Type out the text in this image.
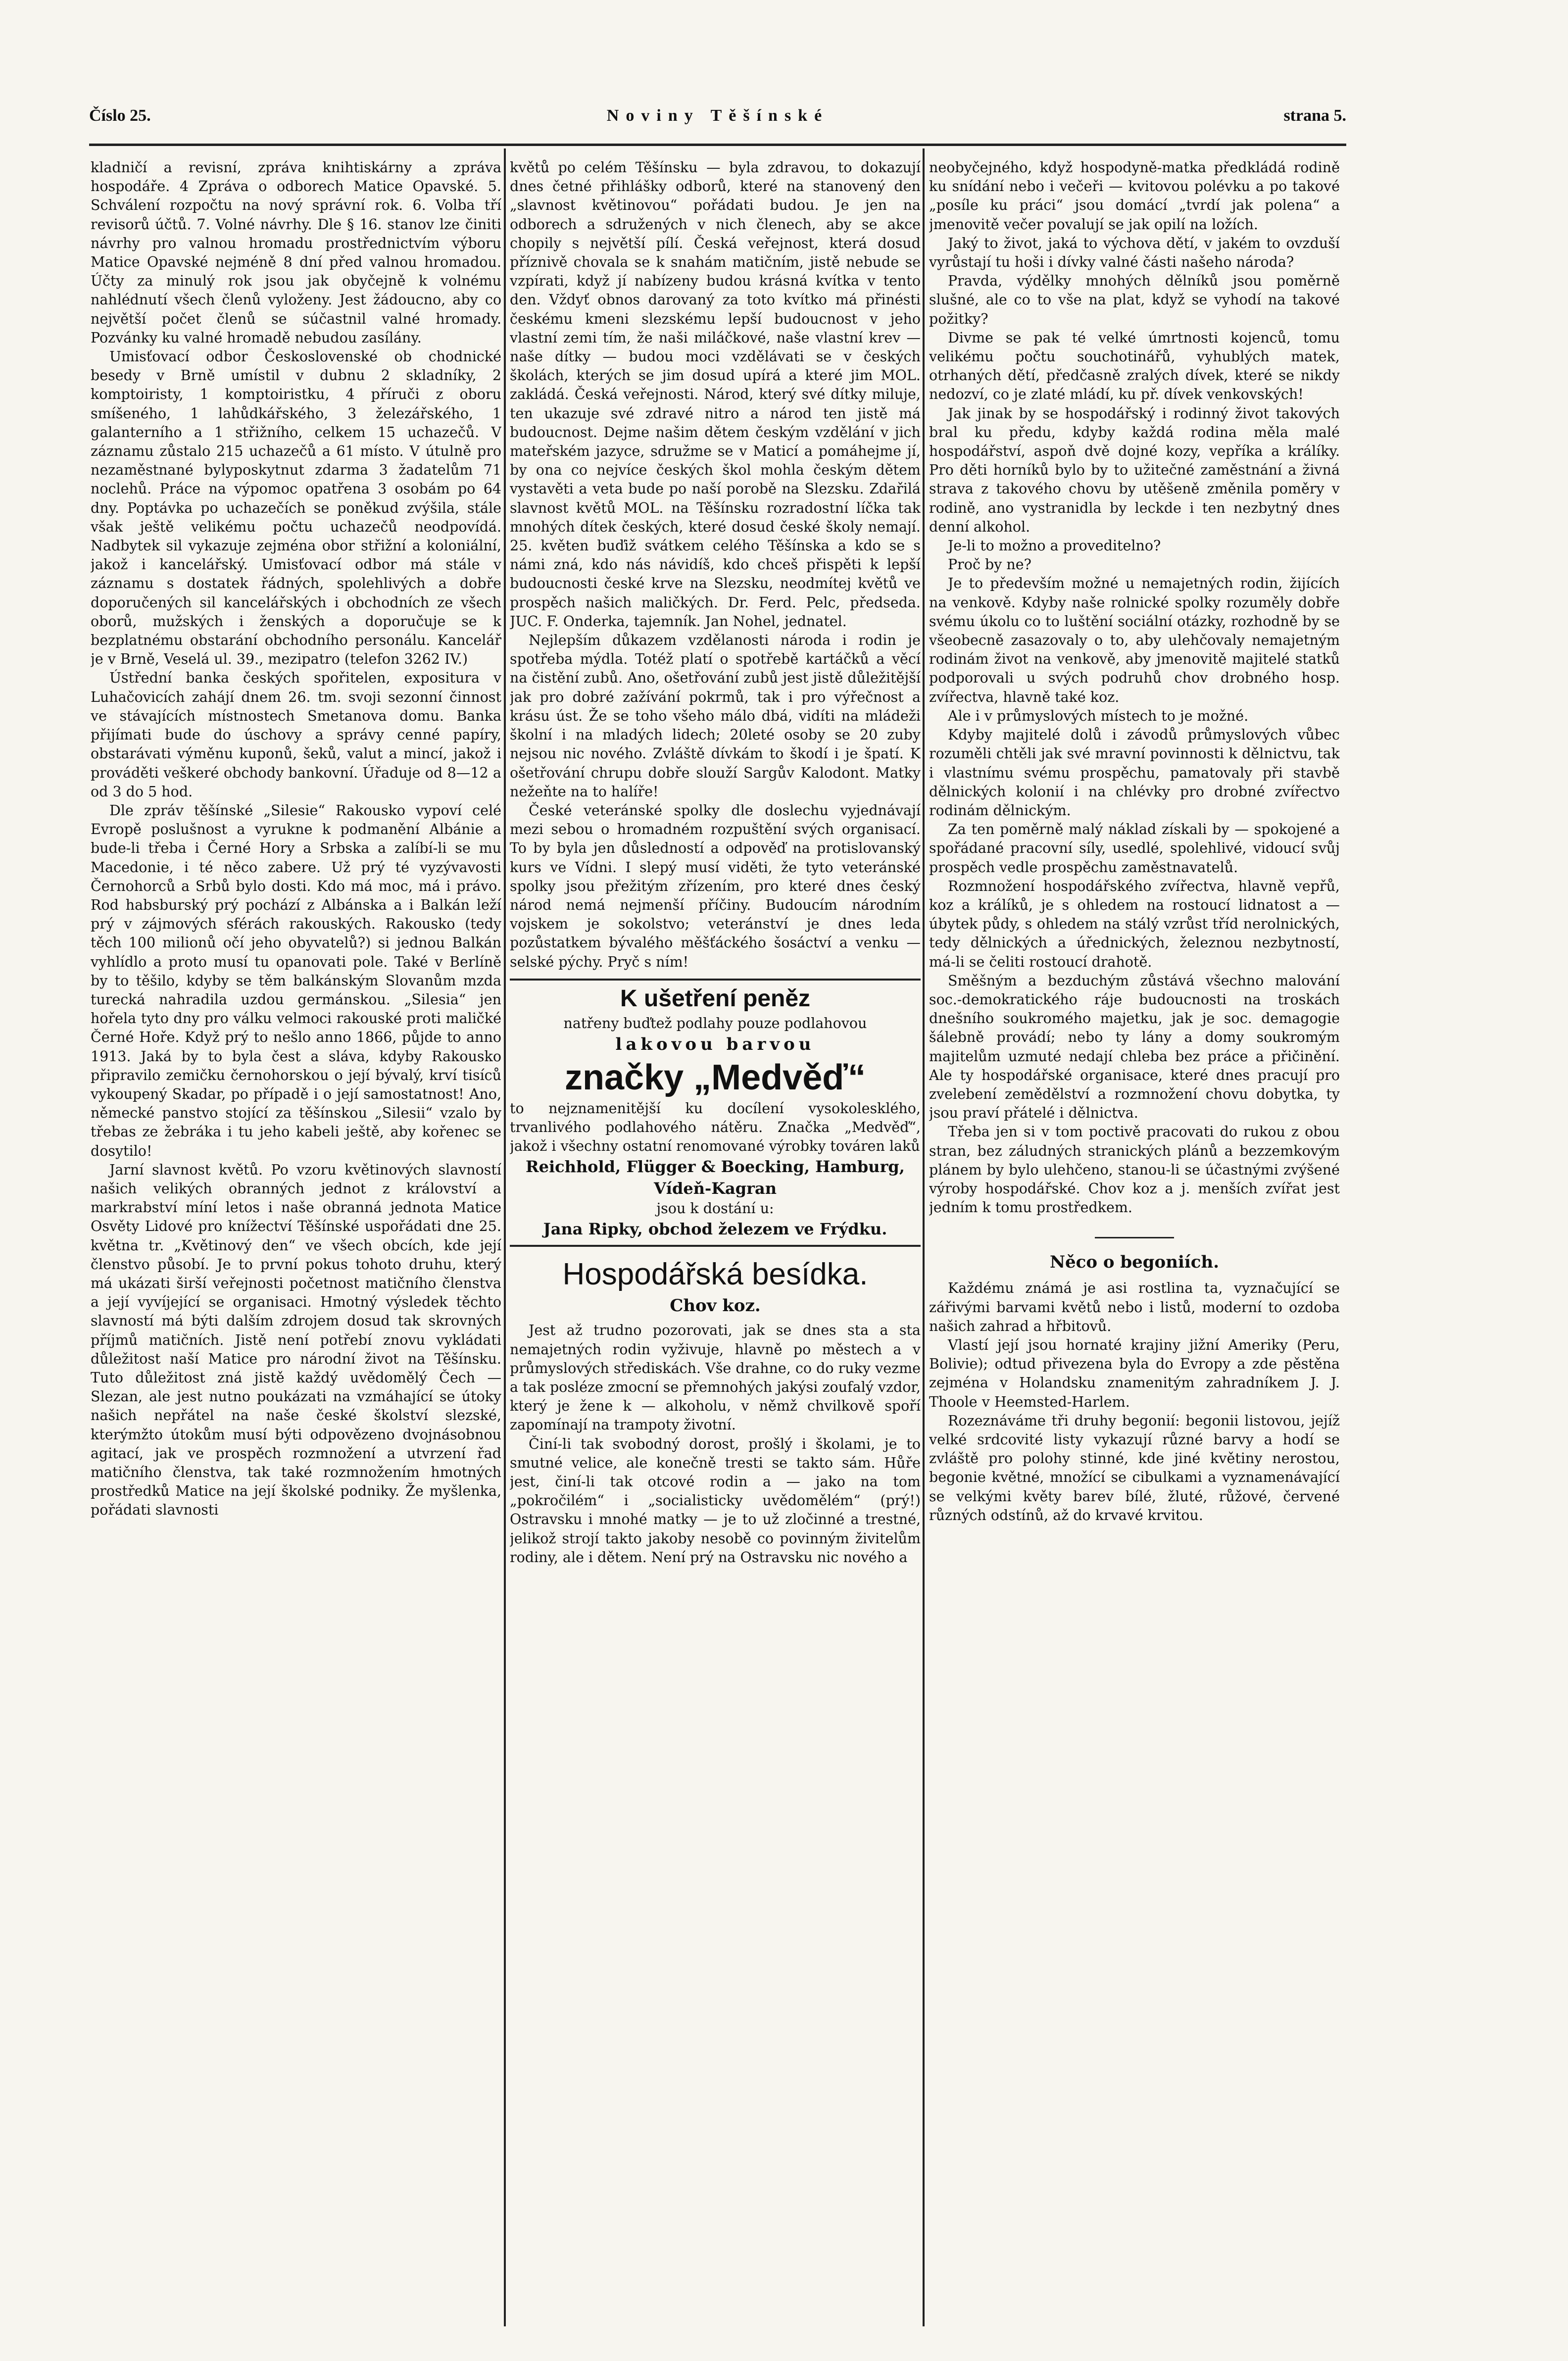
Číslo 25.	Noviny Těšínské	strana 5.

kladničí a revisní, zpráva knihtiskárny a zpráva hospodáře. 4 Zpráva o odborech Matice Opavské. 5. Schválení rozpočtu na nový správní rok. 6. Volba tří revisorů účtů. 7. Volné návrhy. Dle § 16. stanov lze činiti návrhy pro valnou hromadu prostřednictvím výboru Matice Opavské nejméně 8 dní před valnou hromadou. Účty za minulý rok jsou jak obyčejně k volnému nahlédnutí všech členů vyloženy. Jest žádoucno, aby co největší počet členů se súčastnil valné hromady. Pozvánky ku valné hromadě nebudou zasílány.

Umisťovací odbor Československé ob chodnické besedy v Brně umístil v dubnu 2 skladníky, 2 komptoiristy, 1 komptoiristku, 4 příruči z oboru smíšeného, 1 lahůdkářského, 3 železářského, 1 galanterního a 1 střižního, celkem 15 uchazečů. V záznamu zůstalo 215 uchazečů a 61 místo. V útulně pro nezaměstnané bylyposkytnut zdarma 3 žadatelům 71 noclehů. Práce na výpomoc opatřena 3 osobám po 64 dny. Poptávka po uchazečích se poněkud zvýšila, stále však ještě velikému počtu uchazečů neodpovídá. Nadbytek sil vykazuje zejména obor střižní a koloniální, jakož i kancelářský. Umisťovací odbor má stále v záznamu s dostatek řádných, spolehlivých a dobře doporučených sil kancelářských i obchodních ze všech oborů, mužských i ženských a doporučuje se k bezplatnému obstarání obchodního personálu. Kancelář je v Brně, Veselá ul. 39., mezipatro (telefon 3262 IV.)

Ústřední banka českých spořitelen, expositura v Luhačovicích zahájí dnem 26. tm. svoji sezonní činnost ve stávajících místnostech Smetanova domu. Banka přijímati bude do úschovy a správy cenné papíry, obstarávati výměnu kuponů, šeků, valut a mincí, jakož i prováděti veškeré obchody bankovní. Úřaduje od 8—12 a od 3 do 5 hod.

Dle zpráv těšínské „Silesie“ Rakousko vypoví celé Evropě poslušnost a vyrukne k podmanění Albánie a bude-li třeba i Černé Hory a Srbska a zalíbí-li se mu Macedonie, i té něco zabere. Už prý té vyzývavosti Černohorců a Srbů bylo dosti. Kdo má moc, má i právo. Rod habsburský prý pochází z Albánska a i Balkán leží prý v zájmových sférách rakouských. Rakousko (tedy těch 100 milionů očí jeho obyvatelů?) si jednou Balkán vyhlídlo a proto musí tu opanovati pole. Také v Berlíně by to těšilo, kdyby se těm balkánským Slovanům mzda turecká nahradila uzdou germánskou. „Silesia“ jen hořela tyto dny pro válku velmoci rakouské proti maličké Černé Hoře. Když prý to nešlo anno 1866, půjde to anno 1913. Jaká by to byla čest a sláva, kdyby Rakousko připravilo zemičku černohorskou o její bývalý, krví tisíců vykoupený Skadar, po případě i o její samostatnost! Ano, německé panstvo stojící za těšínskou „Silesii“ vzalo by třebas ze žebráka i tu jeho kabeli ještě, aby kořenec se dosytilo!

Jarní slavnost květů. Po vzoru květinových slavností našich velikých obranných jednot z království a markrabství míní letos i naše obranná jednota Matice Osvěty Lidové pro knížectví Těšínské uspořádati dne 25. května tr. „Květinový den“ ve všech obcích, kde její členstvo působí. Je to první pokus tohoto druhu, který má ukázati širší veřejnosti početnost matičního členstva a její vyvíjející se organisaci. Hmotný výsledek těchto slavností má býti dalším zdrojem dosud tak skrovných příjmů matičních. Jistě není potřebí znovu vykládati důležitost naší Matice pro národní život na Těšínsku. Tuto důležitost zná jistě každý uvědomělý Čech — Slezan, ale jest nutno poukázati na vzmáhající se útoky našich nepřátel na naše české školství slezské, kterýmžto útokům musí býti odpovězeno dvojnásobnou agitací, jak ve prospěch rozmnožení a utvrzení řad matičního členstva, tak také rozmnožením hmotných prostředků Matice na její školské podniky. Že myšlenka, pořádati slavnosti

květů po celém Těšínsku — byla zdravou, to dokazují dnes četné přihlášky odborů, které na stanovený den „slavnost květinovou“ pořádati budou. Je jen na odborech a sdružených v nich členech, aby se akce chopily s největší pílí. Česká veřejnost, která dosud příznivě chovala se k snahám matičním, jistě nebude se vzpírati, když jí nabízeny budou krásná kvítka v tento den. Vždyť obnos darovaný za toto kvítko má přinésti českému kmeni slezskému lepší budoucnost v jeho vlastní zemi tím, že naši miláčkové, naše vlastní krev — naše dítky — budou moci vzdělávati se v českých školách, kterých se jim dosud upírá a které jim MOL. zakládá. Česká veřejnosti. Národ, který své dítky miluje, ten ukazuje své zdravé nitro a národ ten jistě má budoucnost. Dejme našim dětem českým vzdělání v jich mateřském jazyce, sdružme se v Maticí a pomáhejme jí, by ona co nejvíce českých škol mohla českým dětem vystavěti a veta bude po naší porobě na Slezsku. Zdařilá slavnost květů MOL. na Těšínsku rozradostní líčka tak mnohých dítek českých, které dosud české školy nemají. 25. květen buďiž svátkem celého Těšínska a kdo se s námi zná, kdo nás návidíš, kdo chceš přispěti k lepší budoucnosti české krve na Slezsku, neodmítej květů ve prospěch našich maličkých. Dr. Ferd. Pelc, předseda. JUC. F. Onderka, tajemník. Jan Nohel, jednatel.

Nejlepším důkazem vzdělanosti národa i rodin je spotřeba mýdla. Totéž platí o spotřebě kartáčků a věcí na čistění zubů. Ano, ošetřování zubů jest jistě důležitější jak pro dobré zažívání pokrmů, tak i pro výřečnost a krásu úst. Že se toho všeho málo dbá, vidíti na mládeži školní i na mladých lidech; 20leté osoby se 20 zuby nejsou nic nového. Zvláště dívkám to škodí i je špatí. K ošetřování chrupu dobře slouží Sargův Kalodont. Matky nežeňte na to halíře!

České veteránské spolky dle doslechu vyjednávají mezi sebou o hromadném rozpuštění svých organisací. To by byla jen důsledností a odpověď na protislovanský kurs ve Vídni. I slepý musí viděti, že tyto veteránské spolky jsou přežitým zřízením, pro které dnes český národ nemá nejmenší příčiny. Budoucím národním vojskem je sokolstvo; veteránství je dnes leda pozůstatkem bývalého měšťáckého šosáctví a venku — selské pýchy. Pryč s ním!

K ušetření peněz

natřeny buďtež podlahy pouze podlahovou

lakovou barvou

značky „Medvěď“

to nejznamenitější ku docílení vysokolesklého, trvanlivého podlahového nátěru. Značka „Medvěď“, jakož i všechny ostatní renomované výrobky továren laků

Reichhold, Flügger & Boecking, Hamburg, Vídeň-Kagran

jsou k dostání u:

Jana Ripky, obchod železem ve Frýdku.

Hospodářská besídka.

Chov koz.

Jest až trudno pozorovati, jak se dnes sta a sta nemajetných rodin vyživuje, hlavně po městech a v průmyslových střediskách. Vše drahne, co do ruky vezme a tak posléze zmocní se přemnohých jakýsi zoufalý vzdor, který je žene k — alkoholu, v němž chvilkově spoří zapomínají na trampoty životní.

Činí-li tak svobodný dorost, prošlý i školami, je to smutné velice, ale konečně tresti se takto sám. Hůře jest, činí-li tak otcové rodin a — jako na tom „pokročilém“ i „socialisticky uvědomělém“ (prý!) Ostravsku i mnohé matky — je to už zločinné a trestné, jelikož strojí takto jakoby nesobě co povinným živitelům rodiny, ale i dětem. Není prý na Ostravsku nic nového a

neobyčejného, když hospodyně-matka předkládá rodině ku snídání nebo i večeři — kvitovou polévku a po takové „posíle ku práci“ jsou domácí „tvrdí jak polena“ a jmenovitě večer povalují se jak opilí na ložích.

Jaký to život, jaká to výchova dětí, v jakém to ovzduší vyrůstají tu hoši i dívky valné části našeho národa?

Pravda, výdělky mnohých dělníků jsou poměrně slušné, ale co to vše na plat, když se vyhodí na takové požitky?

Divme se pak té velké úmrtnosti kojenců, tomu velikému počtu souchotinářů, vyhublých matek, otrhaných dětí, předčasně zralých dívek, které se nikdy nedozví, co je zlaté mládí, ku př. dívek venkovských!

Jak jinak by se hospodářský i rodinný život takových bral ku předu, kdyby každá rodina měla malé hospodářství, aspoň dvě dojné kozy, vepříka a králíky. Pro děti horníků bylo by to užitečné zaměstnání a živná strava z takového chovu by utěšeně změnila poměry v rodině, ano vystranidla by leckde i ten nezbytný dnes denní alkohol.

Je-li to možno a proveditelno?

Proč by ne?

Je to především možné u nemajetných rodin, žijících na venkově. Kdyby naše rolnické spolky rozuměly dobře svému úkolu co to luštění sociální otázky, rozhodně by se všeobecně zasazovaly o to, aby ulehčovaly nemajetným rodinám život na venkově, aby jmenovitě majitelé statků podporovali u svých podruhů chov drobného hosp. zvířectva, hlavně také koz.

Ale i v průmyslových místech to je možné.

Kdyby majitelé dolů i závodů průmyslových vůbec rozuměli chtěli jak své mravní povinnosti k dělnictvu, tak i vlastnímu svému prospěchu, pamatovaly při stavbě dělnických kolonií i na chlévky pro drobné zvířectvo rodinám dělnickým.

Za ten poměrně malý náklad získali by — spokojené a spořádané pracovní síly, usedlé, spolehlivé, vidoucí svůj prospěch vedle prospěchu zaměstnavatelů.

Rozmnožení hospodářského zvířectva, hlavně vepřů, koz a králíků, je s ohledem na rostoucí lidnatost a — úbytek půdy, s ohledem na stálý vzrůst tříd nerolnických, tedy dělnických a úřednických, železnou nezbytností, má-li se čeliti rostoucí drahotě.

Směšným a bezduchým zůstává všechno malování soc.-demokratického ráje budoucnosti na troskách dnešního soukromého majetku, jak je soc. demagogie šálebně provádí; nebo ty lány a domy soukromým majitelům uzmuté nedají chleba bez práce a přičinění. Ale ty hospodářské organisace, které dnes pracují pro zvelebení zemědělství a rozmnožení chovu dobytka, ty jsou praví přátelé i dělnictva.

Třeba jen si v tom poctivě pracovati do rukou z obou stran, bez záludných stranických plánů a bezzemkovým plánem by bylo ulehčeno, stanou-li se účastnými zvýšené výroby hospodářské. Chov koz a j. menších zvířat jest jedním k tomu prostředkem.

Něco o begoniích.

Každému známá je asi rostlina ta, vyznačující se zářivými barvami květů nebo i listů, moderní to ozdoba našich zahrad a hřbitovů.

Vlastí její jsou hornaté krajiny jižní Ameriky (Peru, Bolivie); odtud přivezena byla do Evropy a zde pěstěna zejména v Holandsku znamenitým zahradníkem J. J. Thoole v Heemsted-Harlem.

Rozeznáváme tři druhy begonií: begonii listovou, jejíž velké srdcovité listy vykazují různé barvy a hodí se zvláště pro polohy stinné, kde jiné květiny nerostou, begonie květné, množící se cibulkami a vyznamenávající se velkými květy barev bílé, žluté, růžové, červené různých odstínů, až do krvavé krvitou.
